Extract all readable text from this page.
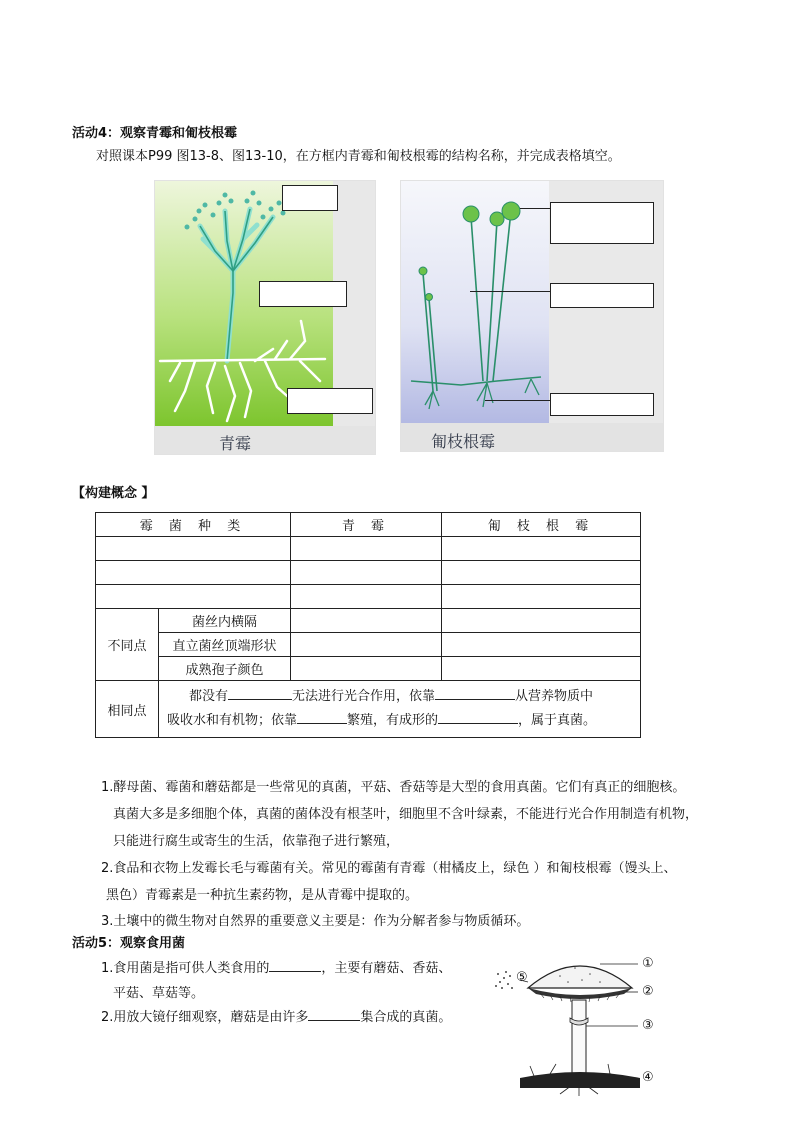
活动4：观察青霉和匍枝根霉
对照课本P99 图13-8、图13-10，在方框内青霉和匍枝根霉的结构名称，并完成表格填空。
青霉	匍枝根霉
【构建概念 】
霉 菌 种 类		青 霉	匍 枝 根 霉

不同点	菌丝内横隔		
	直立菌丝顶端形状		
	成熟孢子颜色		
相同点	都没有 无法进行光合作用，依靠 从营养物质中
吸收水和有机物；依靠 繁殖，有成形的 ，属于真菌。		
1.酵母菌、霉菌和蘑菇都是一些常见的真菌，平菇、香菇等是大型的食用真菌。它们有真正的细胞核。
真菌大多是多细胞个体，真菌的菌体没有根茎叶，细胞里不含叶绿素，不能进行光合作用制造有机物，
只能进行腐生或寄生的生活，依靠孢子进行繁殖，
2.食品和衣物上发霉长毛与霉菌有关。常见的霉菌有青霉（柑橘皮上，绿色 ）和匍枝根霉（馒头上、
黑色）青霉素是一种抗生素药物，是从青霉中提取的。
3.土壤中的微生物对自然界的重要意义主要是：作为分解者参与物质循环。
活动5：观察食用菌
1.食用菌是指可供人类食用的	，主要有蘑菇、香菇、
平菇、草菇等。
2.用放大镜仔细观察，蘑菇是由许多	集合成的真菌。
①
②
③
④
⑤
